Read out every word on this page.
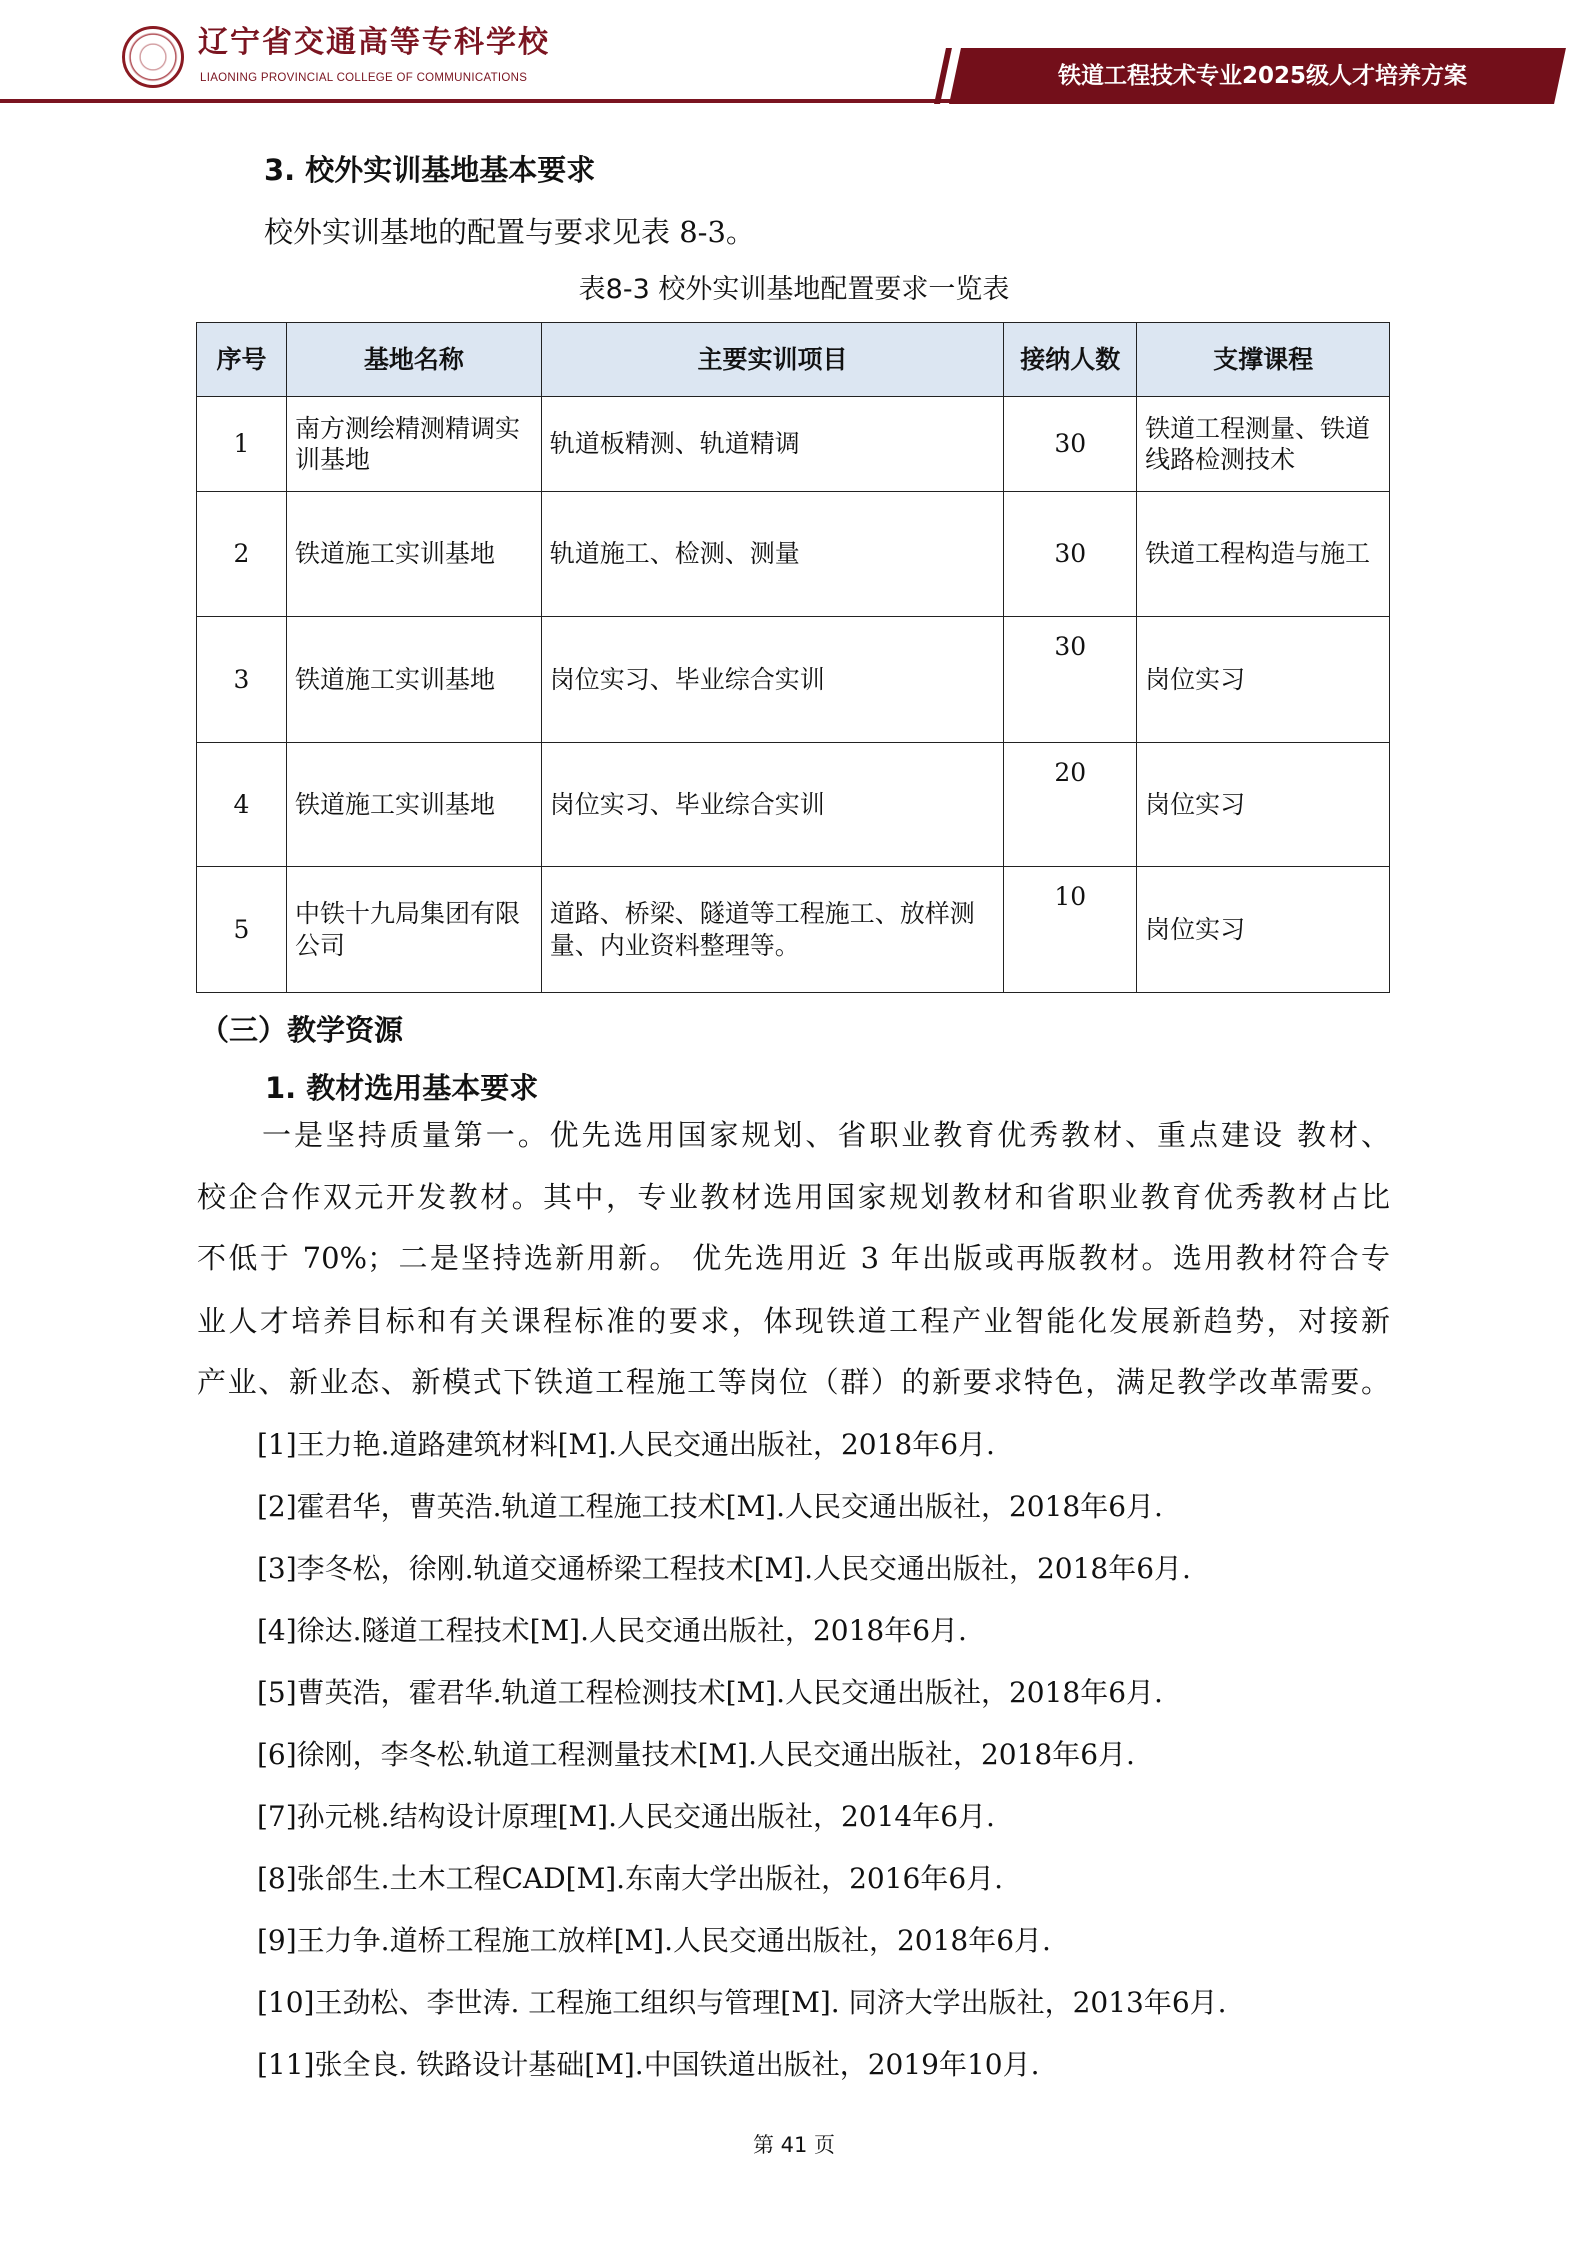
辽宁省交通高等专科学校
LIAONING PROVINCIAL COLLEGE OF COMMUNICATIONS	铁道工程技术专业2025级人才培养方案
3. 校外实训基地基本要求
校外实训基地的配置与要求见表 8-3。
表8-3 校外实训基地配置要求一览表
序号	基地名称	主要实训项目	接纳人数	支撑课程
1	南方测绘精测精调实训基地	轨道板精测、轨道精调	30	铁道工程测量、铁道线路检测技术
2	铁道施工实训基地	轨道施工、检测、测量	30	铁道工程构造与施工
3	铁道施工实训基地	岗位实习、毕业综合实训	30	岗位实习
4	铁道施工实训基地	岗位实习、毕业综合实训	20	岗位实习
5	中铁十九局集团有限公司	道路、桥梁、隧道等工程施工、放样测量、内业资料整理等。	10	岗位实习
（三）教学资源
1. 教材选用基本要求
一是坚持质量第一。优先选用国家规划、省职业教育优秀教材、重点建设 教材、
校企合作双元开发教材。其中，专业教材选用国家规划教材和省职业教育优秀教材占比
不低于 70%；二是坚持选新用新。 优先选用近 3 年出版或再版教材。选用教材符合专
业人才培养目标和有关课程标准的要求，体现铁道工程产业智能化发展新趋势，对接新
产业、新业态、新模式下铁道工程施工等岗位（群）的新要求特色，满足教学改革需要。
[1]王力艳.道路建筑材料[M].人民交通出版社，2018年6月.
[2]霍君华，曹英浩.轨道工程施工技术[M].人民交通出版社，2018年6月.
[3]李冬松，徐刚.轨道交通桥梁工程技术[M].人民交通出版社，2018年6月.
[4]徐达.隧道工程技术[M].人民交通出版社，2018年6月.
[5]曹英浩，霍君华.轨道工程检测技术[M].人民交通出版社，2018年6月.
[6]徐刚，李冬松.轨道工程测量技术[M].人民交通出版社，2018年6月.
[7]孙元桃.结构设计原理[M].人民交通出版社，2014年6月.
[8]张郃生.土木工程CAD[M].东南大学出版社，2016年6月.
[9]王力争.道桥工程施工放样[M].人民交通出版社，2018年6月.
[10]王劲松、李世涛. 工程施工组织与管理[M]. 同济大学出版社，2013年6月.
[11]张全良. 铁路设计基础[M].中国铁道出版社，2019年10月.
第 41 页
